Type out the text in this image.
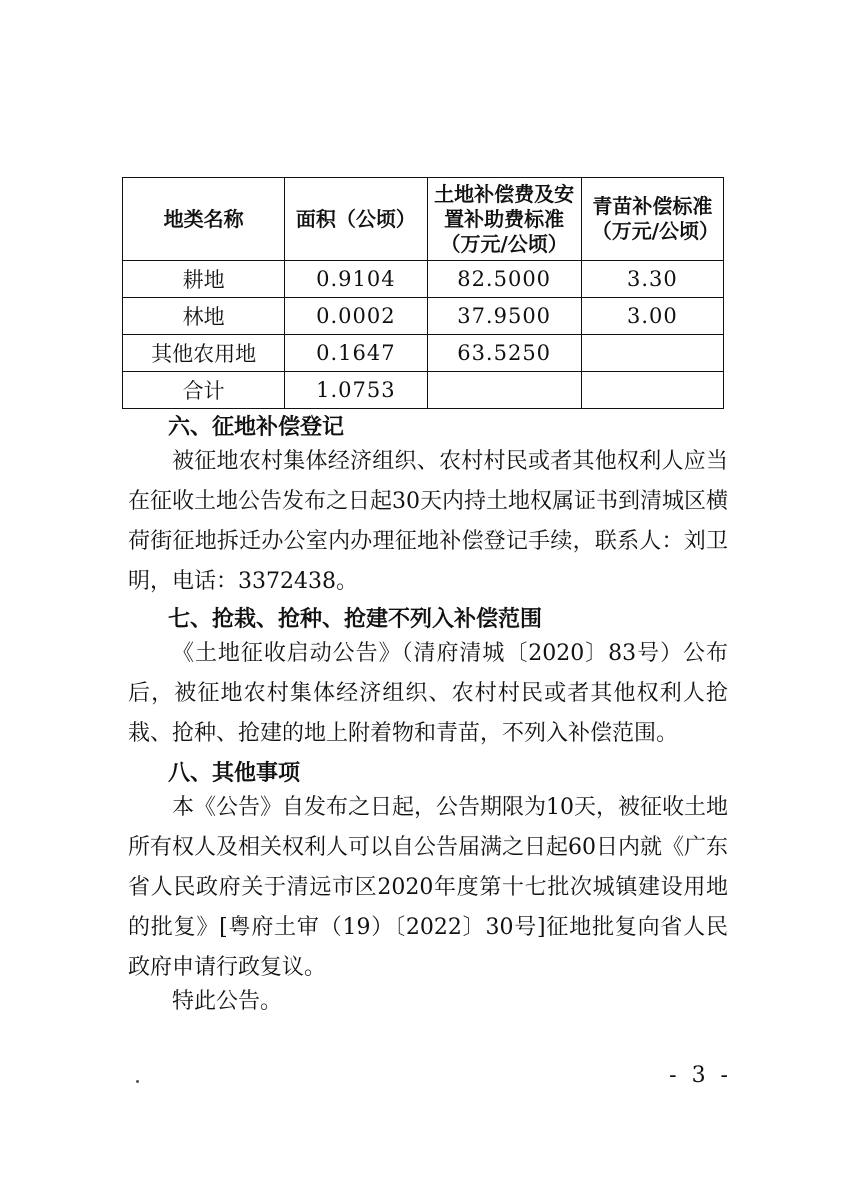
地类名称	面积（公顷）	土地补偿费及安置补助费标准（万元/公顷）	青苗补偿标准（万元/公顷）
耕地	0.9104	82.5000	3.30
林地	0.0002	37.9500	3.00
其他农用地	0.1647	63.5250	
合计	1.0753		
六、征地补偿登记

被征地农村集体经济组织、农村村民或者其他权利人应当在征收土地公告发布之日起30天内持土地权属证书到清城区横荷街征地拆迁办公室内办理征地补偿登记手续，联系人：刘卫明，电话：3372438。

七、抢栽、抢种、抢建不列入补偿范围

《土地征收启动公告》（清府清城〔2020〕83号）公布后，被征地农村集体经济组织、农村村民或者其他权利人抢栽、抢种、抢建的地上附着物和青苗，不列入补偿范围。

八、其他事项

本《公告》自发布之日起，公告期限为10天，被征收土地所有权人及相关权利人可以自公告届满之日起60日内就《广东省人民政府关于清远市区2020年度第十七批次城镇建设用地的批复》[粤府土审（19）〔2022〕30号]征地批复向省人民政府申请行政复议。

特此公告。

- 3 -
